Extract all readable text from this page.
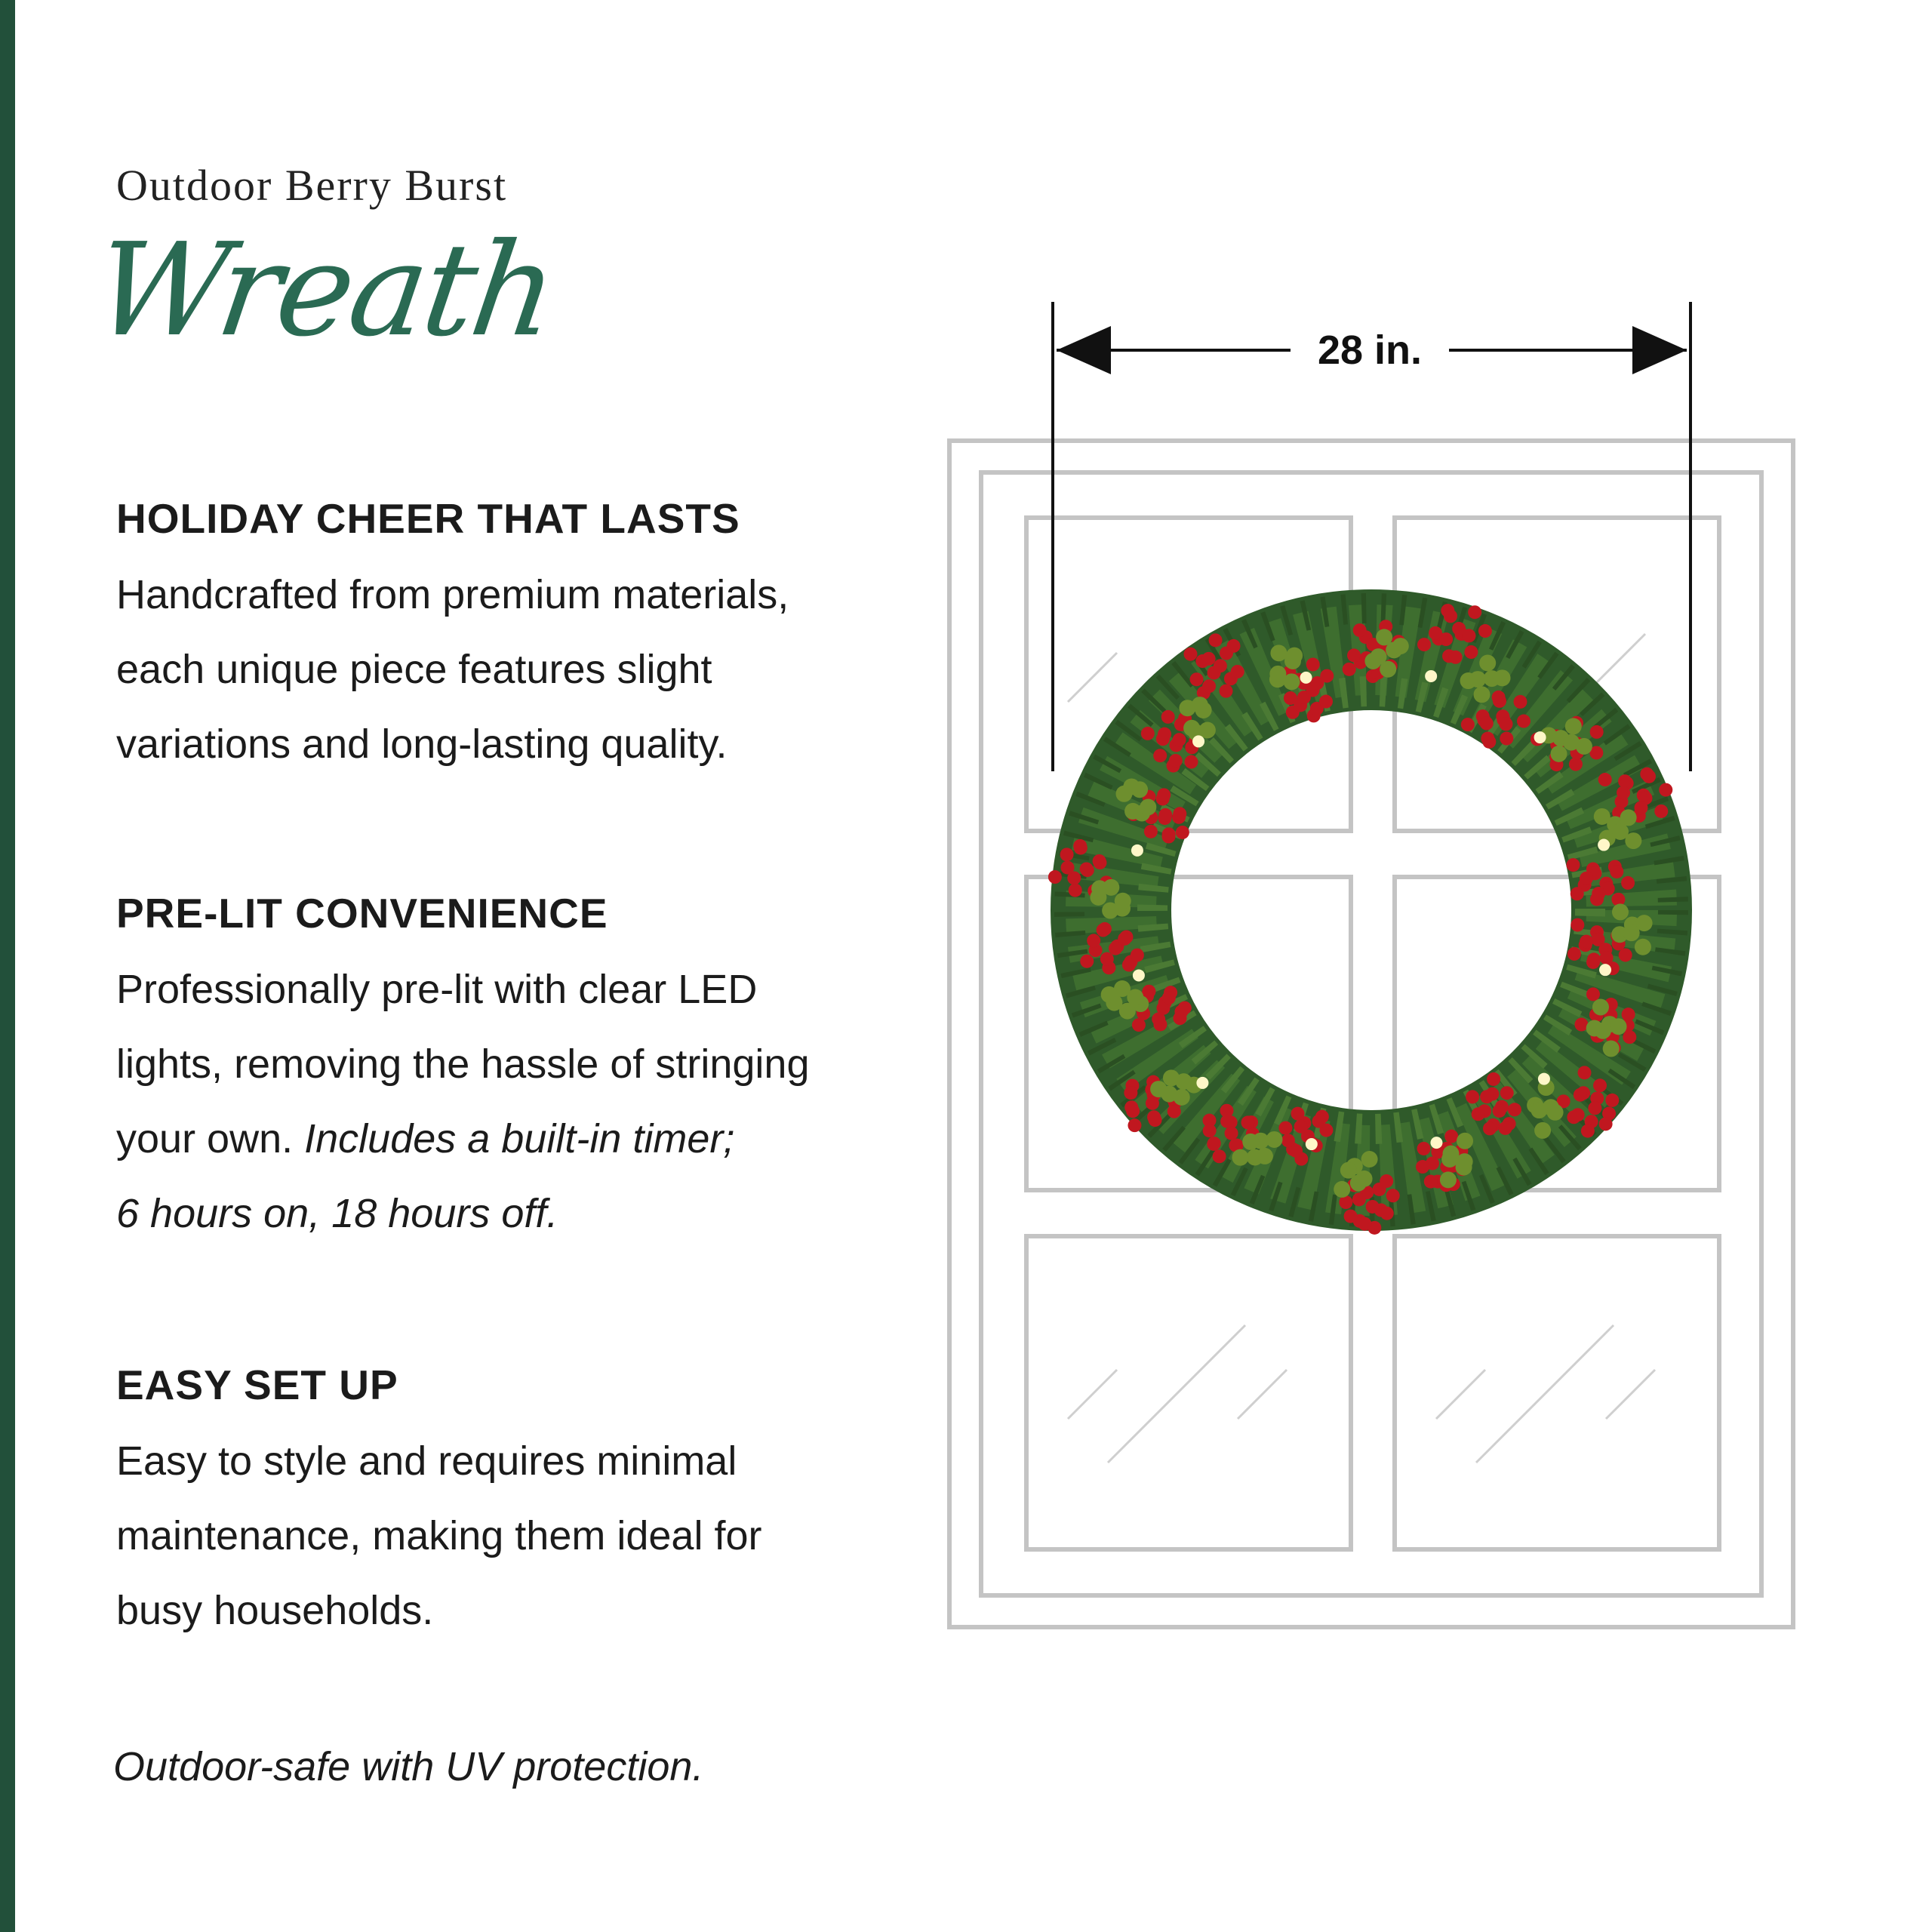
Outdoor Berry Burst
Wreath
HOLIDAY CHEER THAT LASTS
Handcrafted from premium materials,
each unique piece features slight
variations and long-lasting quality.
PRE-LIT CONVENIENCE
Professionally pre-lit with clear LED
lights, removing the hassle of stringing
your own. Includes a built-in timer;
6 hours on, 18 hours off.
EASY SET UP
Easy to style and requires minimal
maintenance, making them ideal for
busy households.
Outdoor-safe with UV protection.
28 in.
